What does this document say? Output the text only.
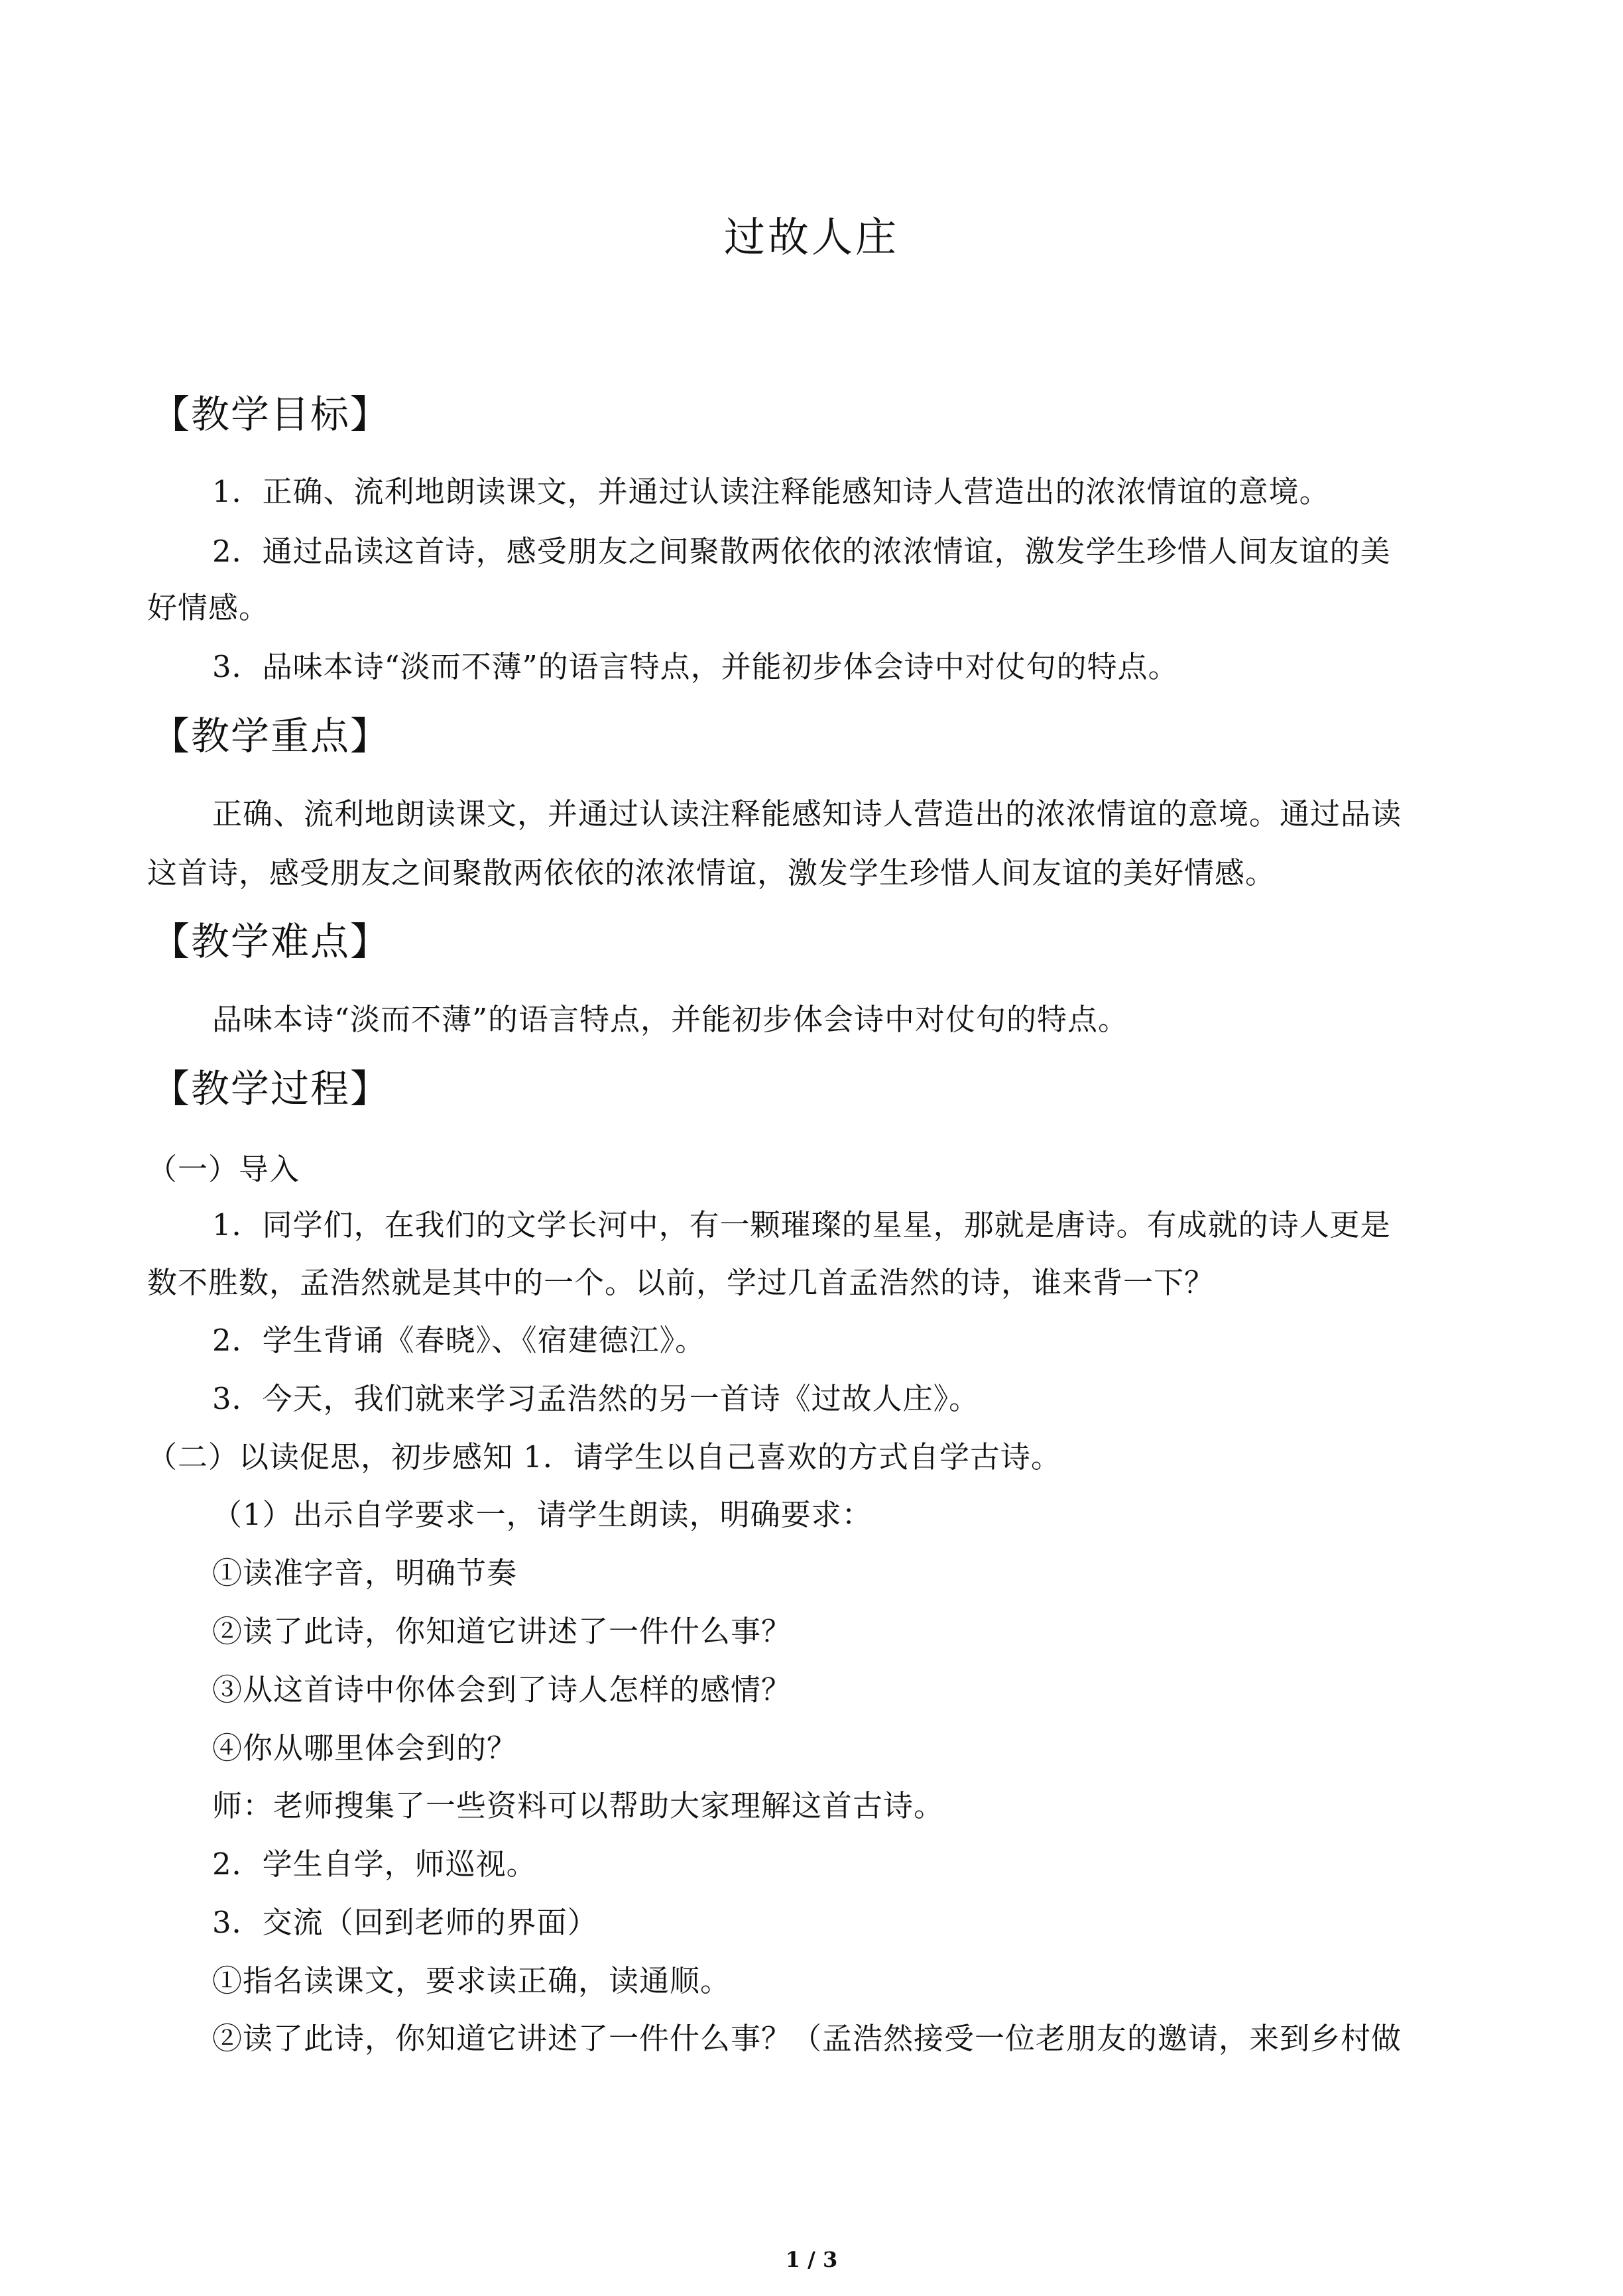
过故人庄
【教学目标】
1．正确、流利地朗读课文，并通过认读注释能感知诗人营造出的浓浓情谊的意境。
2．通过品读这首诗，感受朋友之间聚散两依依的浓浓情谊，激发学生珍惜人间友谊的美
好情感。
3．品味本诗“淡而不薄”的语言特点，并能初步体会诗中对仗句的特点。
【教学重点】
正确、流利地朗读课文，并通过认读注释能感知诗人营造出的浓浓情谊的意境。通过品读
这首诗，感受朋友之间聚散两依依的浓浓情谊，激发学生珍惜人间友谊的美好情感。
【教学难点】
品味本诗“淡而不薄”的语言特点，并能初步体会诗中对仗句的特点。
【教学过程】
（一）导入
1．同学们，在我们的文学长河中，有一颗璀璨的星星，那就是唐诗。有成就的诗人更是
数不胜数，孟浩然就是其中的一个。以前，学过几首孟浩然的诗，谁来背一下？
2．学生背诵《春晓》、《宿建德江》。
3．今天，我们就来学习孟浩然的另一首诗《过故人庄》。
（二）以读促思，初步感知 1．请学生以自己喜欢的方式自学古诗。
（1）出示自学要求一，请学生朗读，明确要求：
①读准字音，明确节奏
②读了此诗，你知道它讲述了一件什么事？
③从这首诗中你体会到了诗人怎样的感情？
④你从哪里体会到的？
师：老师搜集了一些资料可以帮助大家理解这首古诗。
2．学生自学，师巡视。
3．交流（回到老师的界面）
①指名读课文，要求读正确，读通顺。
②读了此诗，你知道它讲述了一件什么事？（孟浩然接受一位老朋友的邀请，来到乡村做
1 / 3
